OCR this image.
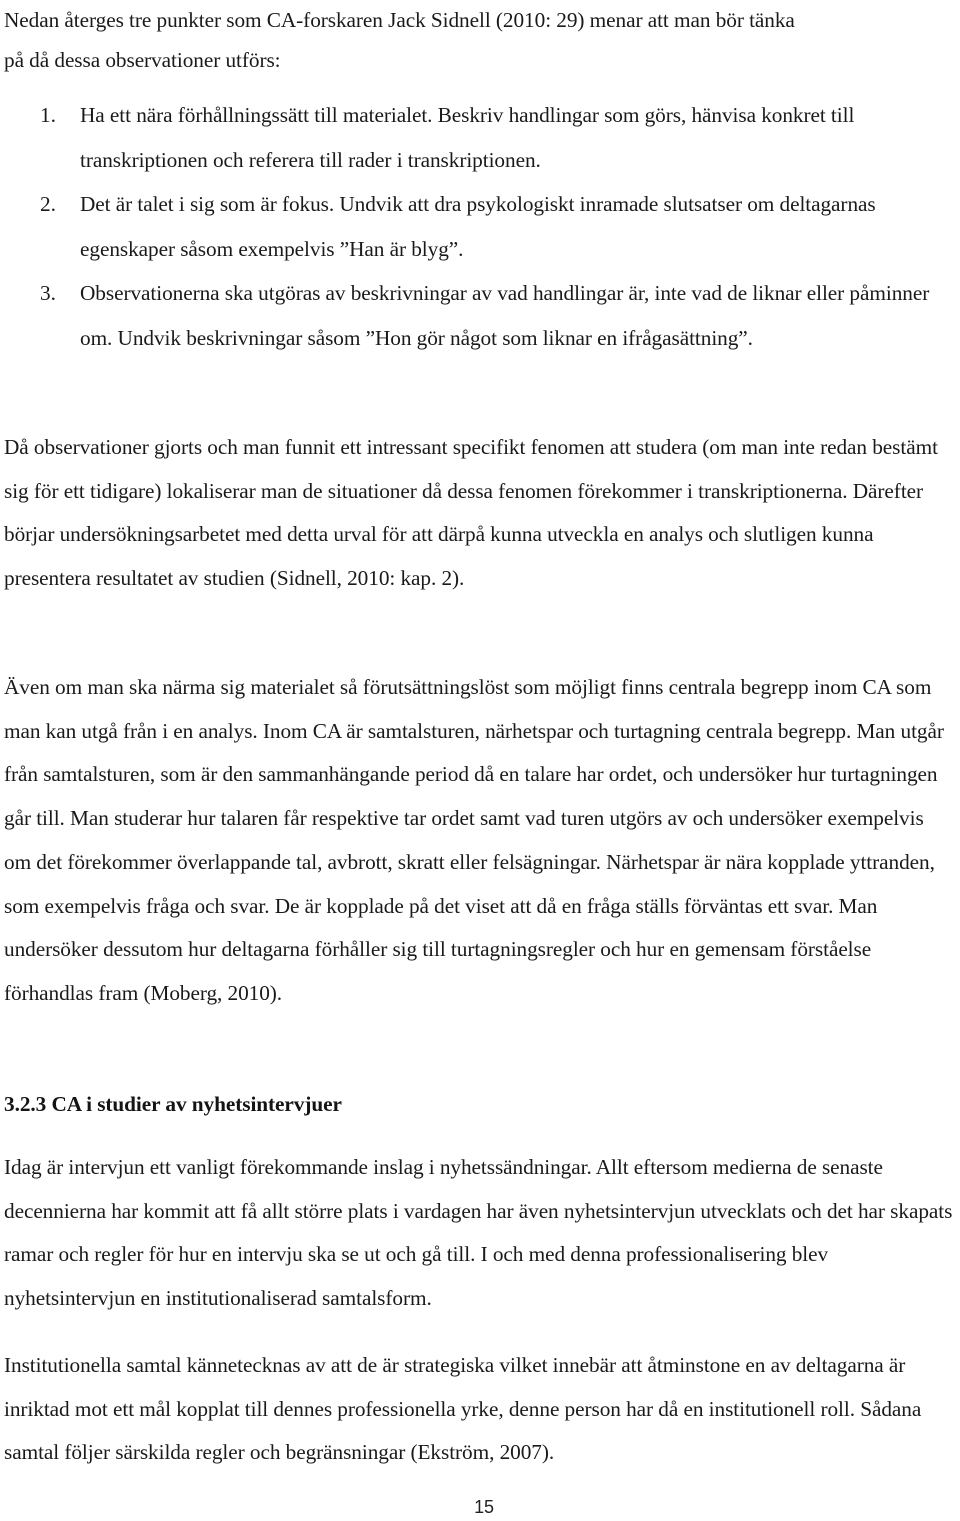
Nedan återges tre punkter som CA-forskaren Jack Sidnell (2010: 29) menar att man bör tänka
på då dessa observationer utförs:

1. Ha ett nära förhållningssätt till materialet. Beskriv handlingar som görs, hänvisa konkret till transkriptionen och referera till rader i transkriptionen.
2. Det är talet i sig som är fokus. Undvik att dra psykologiskt inramade slutsatser om deltagarnas egenskaper såsom exempelvis ”Han är blyg”.
3. Observationerna ska utgöras av beskrivningar av vad handlingar är, inte vad de liknar eller påminner om. Undvik beskrivningar såsom ”Hon gör något som liknar en ifrågasättning”.

Då observationer gjorts och man funnit ett intressant specifikt fenomen att studera (om man inte redan bestämt sig för ett tidigare) lokaliserar man de situationer då dessa fenomen förekommer i transkriptionerna. Därefter börjar undersökningsarbetet med detta urval för att därpå kunna utveckla en analys och slutligen kunna presentera resultatet av studien (Sidnell, 2010: kap. 2).

Även om man ska närma sig materialet så förutsättningslöst som möjligt finns centrala begrepp inom CA som man kan utgå från i en analys. Inom CA är samtalsturen, närhetspar och turtagning centrala begrepp. Man utgår från samtalsturen, som är den sammanhängande period då en talare har ordet, och undersöker hur turtagningen går till. Man studerar hur talaren får respektive tar ordet samt vad turen utgörs av och undersöker exempelvis om det förekommer överlappande tal, avbrott, skratt eller felsägningar. Närhetspar är nära kopplade yttranden, som exempelvis fråga och svar. De är kopplade på det viset att då en fråga ställs förväntas ett svar. Man undersöker dessutom hur deltagarna förhåller sig till turtagningsregler och hur en gemensam förståelse förhandlas fram (Moberg, 2010).

3.2.3 CA i studier av nyhetsintervjuer

Idag är intervjun ett vanligt förekommande inslag i nyhetssändningar. Allt eftersom medierna de senaste decennierna har kommit att få allt större plats i vardagen har även nyhetsintervjun utvecklats och det har skapats ramar och regler för hur en intervju ska se ut och gå till. I och med denna professionalisering blev nyhetsintervjun en institutionaliserad samtalsform.

Institutionella samtal kännetecknas av att de är strategiska vilket innebär att åtminstone en av deltagarna är inriktad mot ett mål kopplat till dennes professionella yrke, denne person har då en institutionell roll. Sådana samtal följer särskilda regler och begränsningar (Ekström, 2007).

15
